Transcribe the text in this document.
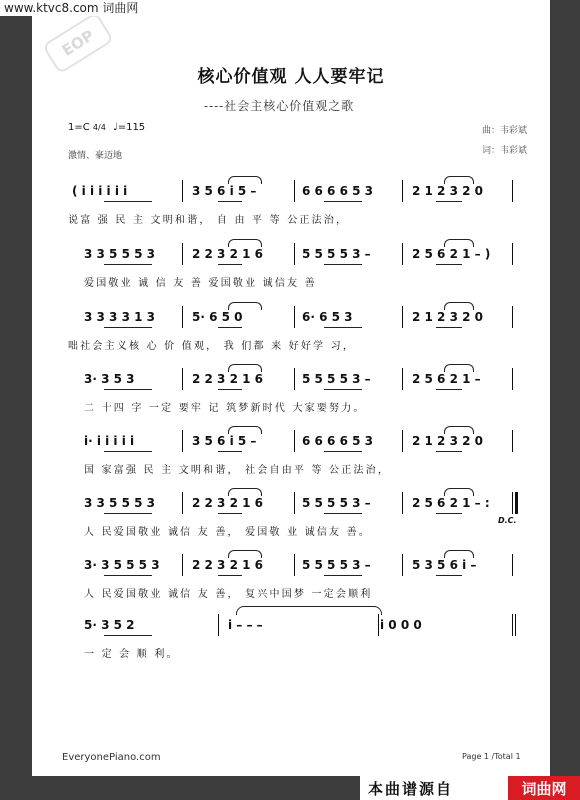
www.ktvc8.com 词曲网
EOP
核心价值观 人人要牢记
----社会主核心价值观之歌
1=C 4/4 ♩=115
激情、豪迈地
曲：韦彩斌
词：韦彩斌
( i i i i i i	3 5 6 i 5 –	6 6 6 6 5 3	2 1 2 3 2 0
说富 强 民 主 文明和谐， 自 由 平 等 公正法治，
3 3 5 5 5 3	2 2 3 2 1 6	5 5 5 5 3 –	2 5 6 2 1 – )
爱国敬业 诚 信 友 善 爱国敬业 诚信友 善
3 3 3 3 1 3	5· 6 5 0	6· 6 5 3	2 1 2 3 2 0
咄社会主义核 心 价 值观， 我 们都 来 好好学 习，
3· 3 5 3	2 2 3 2 1 6	5 5 5 5 3 –	2 5 6 2 1 –
二 十四 字 一定 要牢 记 筑梦新时代 大家要努力。
i· i i i i i	3 5 6 i 5 –	6 6 6 6 5 3	2 1 2 3 2 0
国 家富强 民 主 文明和谐， 社会自由平 等 公正法治，
3 3 5 5 5 3	2 2 3 2 1 6	5 5 5 5 3 –	2 5 6 2 1 – :
D.C.
人 民爱国敬业 诚信 友 善， 爱国敬 业 诚信友 善。
3· 3 5 5 5 3	2 2 3 2 1 6	5 5 5 5 3 –	5 3 5 6 i –
人 民爱国敬业 诚信 友 善， 复兴中国梦 一定会顺利
5· 3 5 2	i – – –	i 0 0 0
一 定 会 顺 利。
EveryonePiano.com	Page 1 /Total 1
本曲谱源自	词曲网
